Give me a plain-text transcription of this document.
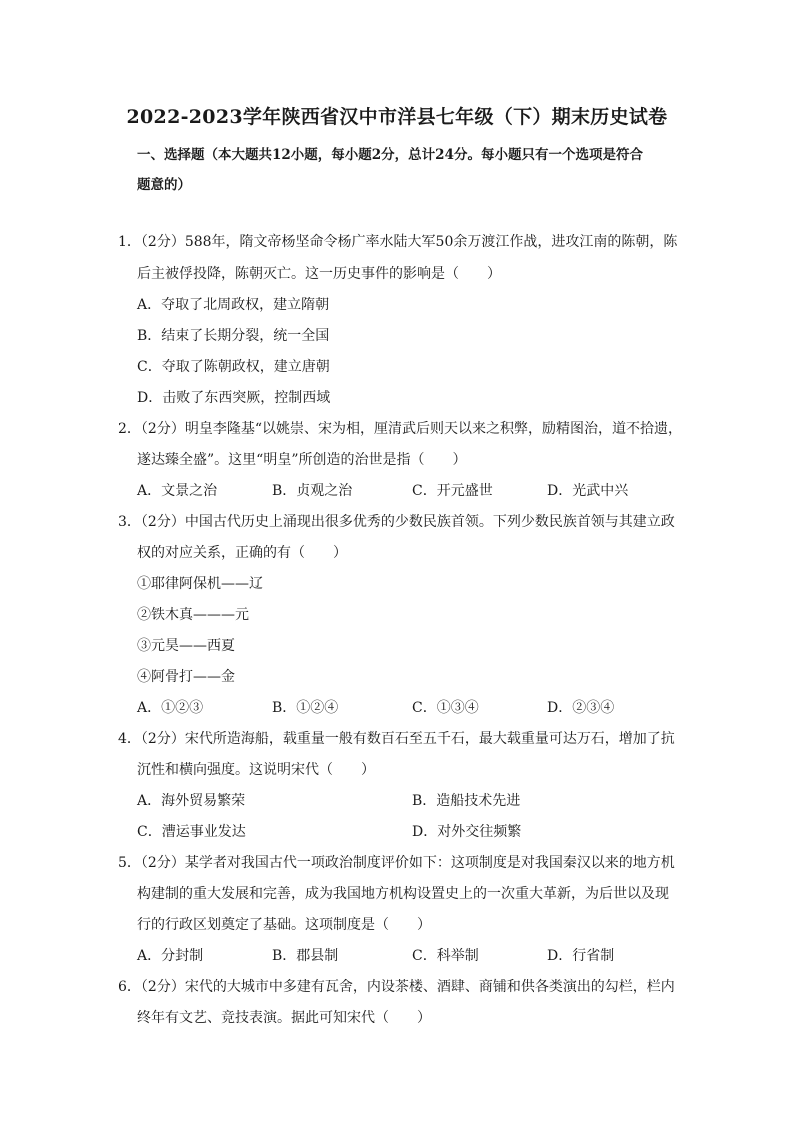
2022-2023学年陕西省汉中市洋县七年级（下）期末历史试卷
一、选择题（本大题共12小题，每小题2分，总计24分。每小题只有一个选项是符合
题意的）
1．（2分）588年，隋文帝杨坚命令杨广率水陆大军50余万渡江作战，进攻江南的陈朝，陈
后主被俘投降，陈朝灭亡。这一历史事件的影响是（　　）
A．夺取了北周政权，建立隋朝
B．结束了长期分裂，统一全国
C．夺取了陈朝政权，建立唐朝
D．击败了东西突厥，控制西域
2．（2分）明皇李隆基“以姚崇、宋为相，厘清武后则天以来之积弊，励精图治，道不拾遗，
遂达臻全盛”。这里“明皇”所创造的治世是指（　　）
A．文景之治	B．贞观之治	C．开元盛世	D．光武中兴
3．（2分）中国古代历史上涌现出很多优秀的少数民族首领。下列少数民族首领与其建立政
权的对应关系，正确的有（　　）
①耶律阿保机——辽
②铁木真———元
③元昊——西夏
④阿骨打——金
A．①②③	B．①②④	C．①③④	D．②③④
4．（2分）宋代所造海船，载重量一般有数百石至五千石，最大载重量可达万石，增加了抗
沉性和横向强度。这说明宋代（　　）
A．海外贸易繁荣	B．造船技术先进
C．漕运事业发达	D．对外交往频繁
5．（2分）某学者对我国古代一项政治制度评价如下：这项制度是对我国秦汉以来的地方机
构建制的重大发展和完善，成为我国地方机构设置史上的一次重大革新，为后世以及现
行的行政区划奠定了基础。这项制度是（　　）
A．分封制	B．郡县制	C．科举制	D．行省制
6．（2分）宋代的大城市中多建有瓦舍，内设茶楼、酒肆、商铺和供各类演出的勾栏，栏内
终年有文艺、竞技表演。据此可知宋代（　　）
